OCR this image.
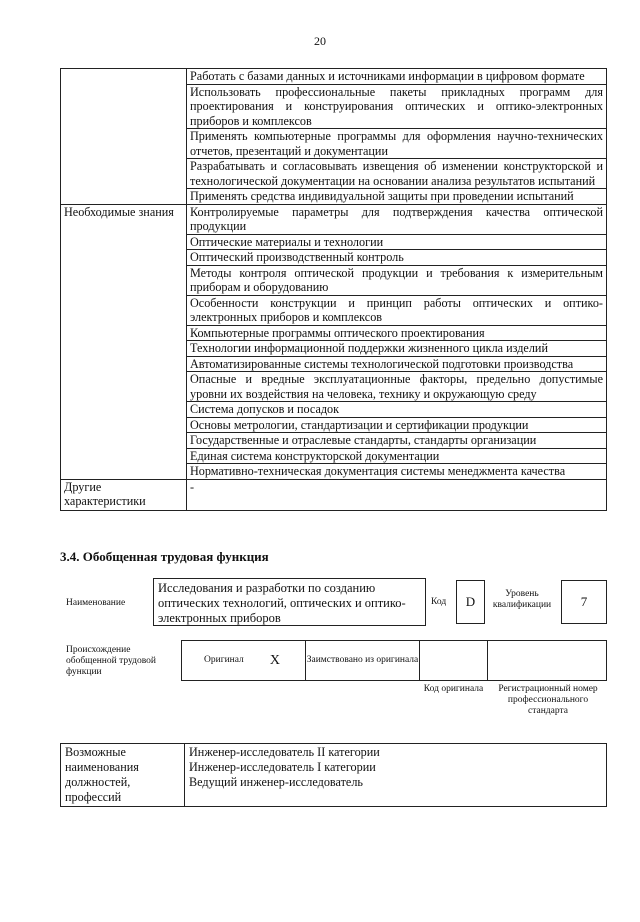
20
	Работать с базами данных и источниками информации в цифровом формате
	Использовать профессиональные пакеты прикладных программ для проектирования и конструирования оптических и оптико-электронных приборов и комплексов
	Применять компьютерные программы для оформления научно-технических отчетов, презентаций и документации
	Разрабатывать и согласовывать извещения об изменении конструкторской и технологической документации на основании анализа результатов испытаний
	Применять средства индивидуальной защиты при проведении испытаний
Необходимые знания	Контролируемые параметры для подтверждения качества оптической продукции
	Оптические материалы и технологии
	Оптический производственный контроль
	Методы контроля оптической продукции и требования к измерительным приборам и оборудованию
	Особенности конструкции и принцип работы оптических и оптико-электронных приборов и комплексов
	Компьютерные программы оптического проектирования
	Технологии информационной поддержки жизненного цикла изделий
	Автоматизированные системы технологической подготовки производства
	Опасные и вредные эксплуатационные факторы, предельно допустимые уровни их воздействия на человека, технику и окружающую среду
	Система допусков и посадок
	Основы метрологии, стандартизации и сертификации продукции
	Государственные и отраслевые стандарты, стандарты организации
	Единая система конструкторской документации
	Нормативно-техническая документация системы менеджмента качества
Другие характеристики	-
3.4. Обобщенная трудовая функция
Наименование
Исследования и разработки по созданию оптических технологий, оптических и оптико-электронных приборов
Код	D	Уровень квалификации	7
Происхождение обобщенной трудовой функции
Оригинал X	Заимствовано из оригинала
Код оригинала	Регистрационный номер профессионального стандарта
Возможные наименования должностей, профессий	
Инженер-исследователь II категории
Инженер-исследователь I категории
Ведущий инженер-исследователь
